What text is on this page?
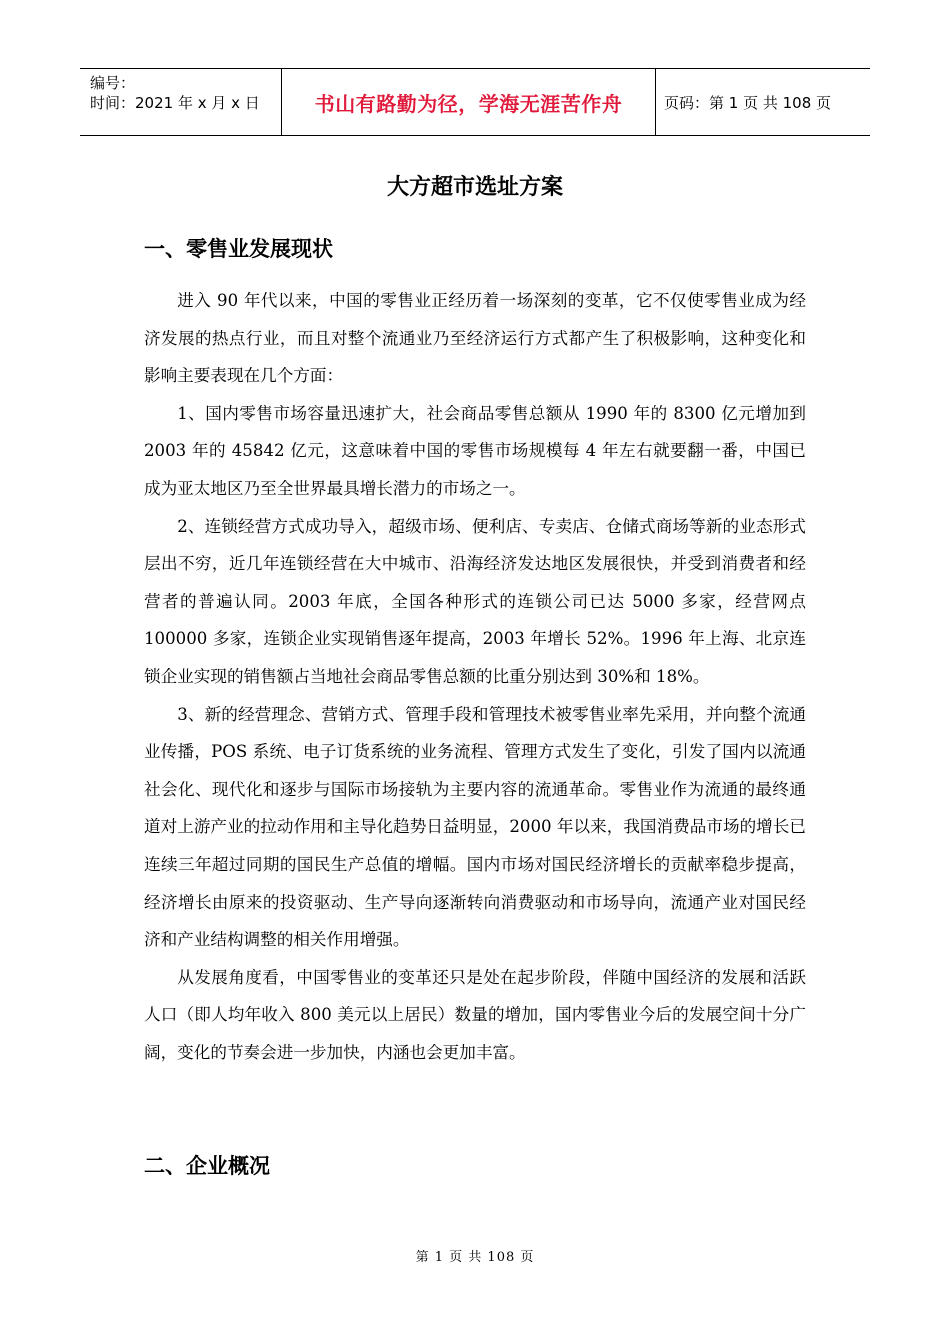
编号：
时间：2021 年 x 月 x 日	书山有路勤为径，学海无涯苦作舟	页码：第 1 页 共 108 页
大方超市选址方案
一、零售业发展现状

进入 90 年代以来，中国的零售业正经历着一场深刻的变革，它不仅使零售业成为经济发展的热点行业，而且对整个流通业乃至经济运行方式都产生了积极影响，这种变化和影响主要表现在几个方面：

1、国内零售市场容量迅速扩大，社会商品零售总额从 1990 年的 8300 亿元增加到 2003 年的 45842 亿元，这意味着中国的零售市场规模每 4 年左右就要翻一番，中国已成为亚太地区乃至全世界最具增长潜力的市场之一。

2、连锁经营方式成功导入，超级市场、便利店、专卖店、仓储式商场等新的业态形式层出不穷，近几年连锁经营在大中城市、沿海经济发达地区发展很快，并受到消费者和经营者的普遍认同。2003 年底，全国各种形式的连锁公司已达 5000 多家，经营网点 100000 多家，连锁企业实现销售逐年提高，2003 年增长 52%。1996 年上海、北京连锁企业实现的销售额占当地社会商品零售总额的比重分别达到 30%和 18%。

3、新的经营理念、营销方式、管理手段和管理技术被零售业率先采用，并向整个流通业传播，POS 系统、电子订货系统的业务流程、管理方式发生了变化，引发了国内以流通社会化、现代化和逐步与国际市场接轨为主要内容的流通革命。零售业作为流通的最终通道对上游产业的拉动作用和主导化趋势日益明显，2000 年以来，我国消费品市场的增长已连续三年超过同期的国民生产总值的增幅。国内市场对国民经济增长的贡献率稳步提高，经济增长由原来的投资驱动、生产导向逐渐转向消费驱动和市场导向，流通产业对国民经济和产业结构调整的相关作用增强。

从发展角度看，中国零售业的变革还只是处在起步阶段，伴随中国经济的发展和活跃人口（即人均年收入 800 美元以上居民）数量的增加，国内零售业今后的发展空间十分广阔，变化的节奏会进一步加快，内涵也会更加丰富。

二、企业概况
第 1 页 共 108 页
